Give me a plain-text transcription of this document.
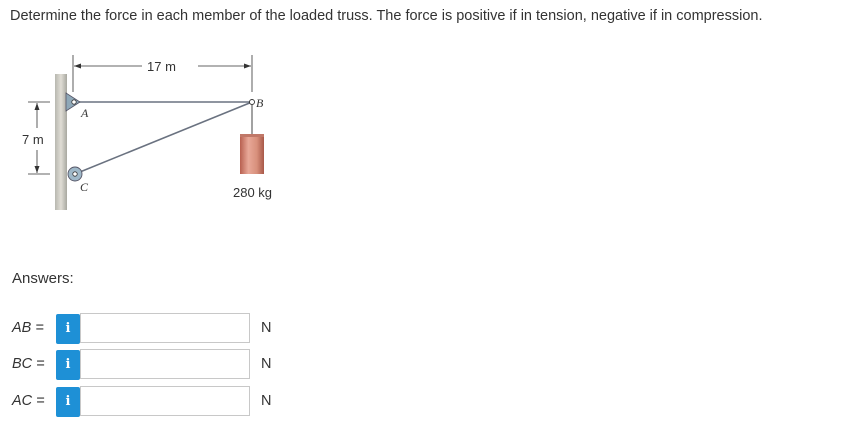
Determine the force in each member of the loaded truss. The force is positive if in tension, negative if in compression.
17 m
7 m
A
B
C	280 kg
Answers:
AB =	i	N
BC =	i	N
AC =	i	N
